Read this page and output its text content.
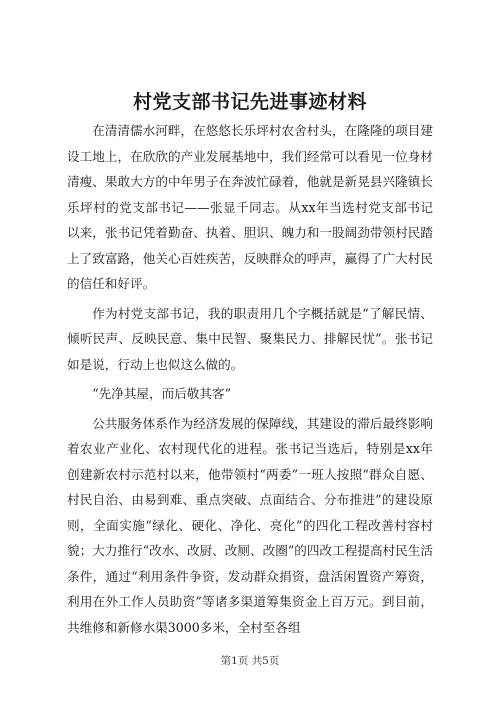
村党支部书记先进事迹材料

在清清儒水河畔，在悠悠长乐坪村农舍村头，在隆隆的项目建设工地上，在欣欣的产业发展基地中，我们经常可以看见一位身材清瘦、果敢大方的中年男子在奔波忙碌着，他就是新晃县兴隆镇长乐坪村的党支部书记——张显千同志。从xx年当选村党支部书记以来，张书记凭着勤奋、执着、胆识、魄力和一股阔劲带领村民踏上了致富路，他关心百姓疾苦，反映群众的呼声，赢得了广大村民的信任和好评。

作为村党支部书记，我的职责用几个字概括就是“了解民情、倾听民声、反映民意、集中民智、聚集民力、排解民忧”。张书记如是说，行动上也似这么做的。

“先净其屋，而后敬其客”

公共服务体系作为经济发展的保障线，其建设的滞后最终影响着农业产业化、农村现代化的进程。张书记当选后，特别是xx年创建新农村示范村以来，他带领村“两委”一班人按照“群众自愿、村民自治、由易到难、重点突破、点面结合、分布推进”的建设原则，全面实施“绿化、硬化、净化、亮化”的四化工程改善村容村貌；大力推行“改水、改厨、改厕、改圈”的四改工程提高村民生活条件，通过“利用条件争资，发动群众捐资，盘活闲置资产筹资，利用在外工作人员助资”等诸多渠道筹集资金上百万元。到目前，共维修和新修水渠3000多米，全村至各组

第1页 共5页
